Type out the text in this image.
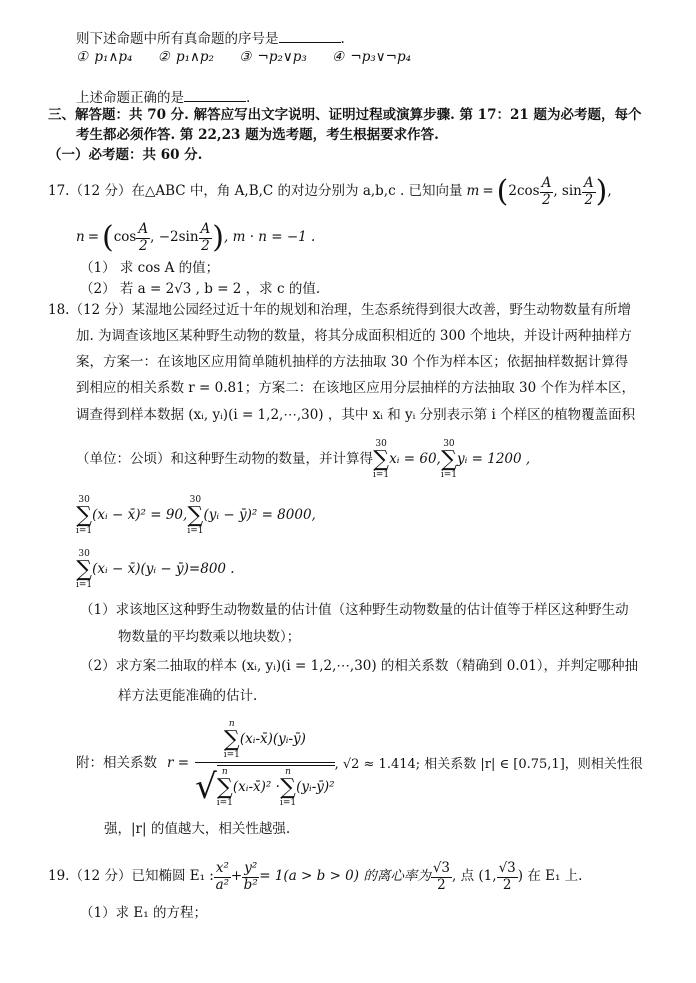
则下述命题中所有真命题的序号是	.
① p₁∧p₄ ② p₁∧p₂ ③ ¬p₂∨p₃ ④ ¬p₃∨¬p₄
上述命题正确的是	.
三、解答题：共 70 分. 解答应写出文字说明、证明过程或演算步骤. 第 17：21 题为必考题，每个
考生都必须作答. 第 22,23 题为选考题，考生根据要求作答.
（一）必考题：共 60 分.
17.（12 分）在△ABC 中，角 A,B,C 的对边分别为 a,b,c . 已知向量 m = ( $2\cos \frac{A}{2}$ , $\sin \frac{A}{2}$ ) ,
n = ( $\cos \frac{A}{2}$ , $-2\sin \frac{A}{2}$ ) , m · n = −1 .
（1） 求 cos A 的值；
（2） 若 a = 2√3 , b = 2 ，求 c 的值.
18.（12 分）某湿地公园经过近十年的规划和治理，生态系统得到很大改善，野生动物数量有所增
加. 为调查该地区某种野生动物的数量，将其分成面积相近的 300 个地块，并设计两种抽样方
案，方案一：在该地区应用简单随机抽样的方法抽取 30 个作为样本区；依据抽样数据计算得
到相应的相关系数 r = 0.81；方案二：在该地区应用分层抽样的方法抽取 30 个作为样本区，
调查得到样本数据 (xᵢ, yᵢ)(i = 1,2,⋯,30) ，其中 xᵢ 和 yᵢ 分别表示第 i 个样区的植物覆盖面积
（单位：公顷）和这种野生动物的数量，并计算得
30
∑
i=1
xᵢ = 60,
30
∑
i=1
yᵢ = 1200 ,
30
∑
i=1
(xᵢ − x̄)² = 90,
30
∑
i=1
(yᵢ − ȳ)² = 8000,
30
∑
i=1
(xᵢ − x̄)(yᵢ − ȳ)=800 .
（1）求该地区这种野生动物数量的估计值（这种野生动物数量的估计值等于样区这种野生动
物数量的平均数乘以地块数）；
（2）求方案二抽取的样本 (xᵢ, yᵢ)(i = 1,2,⋯,30) 的相关系数（精确到 0.01），并判定哪种抽
样方法更能准确的估计.
附：相关系数 r =
n
∑
i=1
(xᵢ-x̄)(yᵢ-ȳ)
√ n
∑
i=1
(xᵢ-x̄)² ·
n
∑
i=1
(yᵢ-ȳ)²
, √2 ≈ 1.414; 相关系数 |r| ∈ [0.75,1]，则相关性很
强，|r| 的值越大，相关性越强.
19.（12 分）已知椭圆 E₁ : $\frac{\text{x²}}{\text{a²}} + \frac{\text{y²}}{\text{b²}} = 1(a > b > 0)$ 的离心率为 $\frac{√3}{2}$ , 点 (1, $\frac{√3}{2}$ ) 在 E₁ 上.
（1）求 E₁ 的方程；
